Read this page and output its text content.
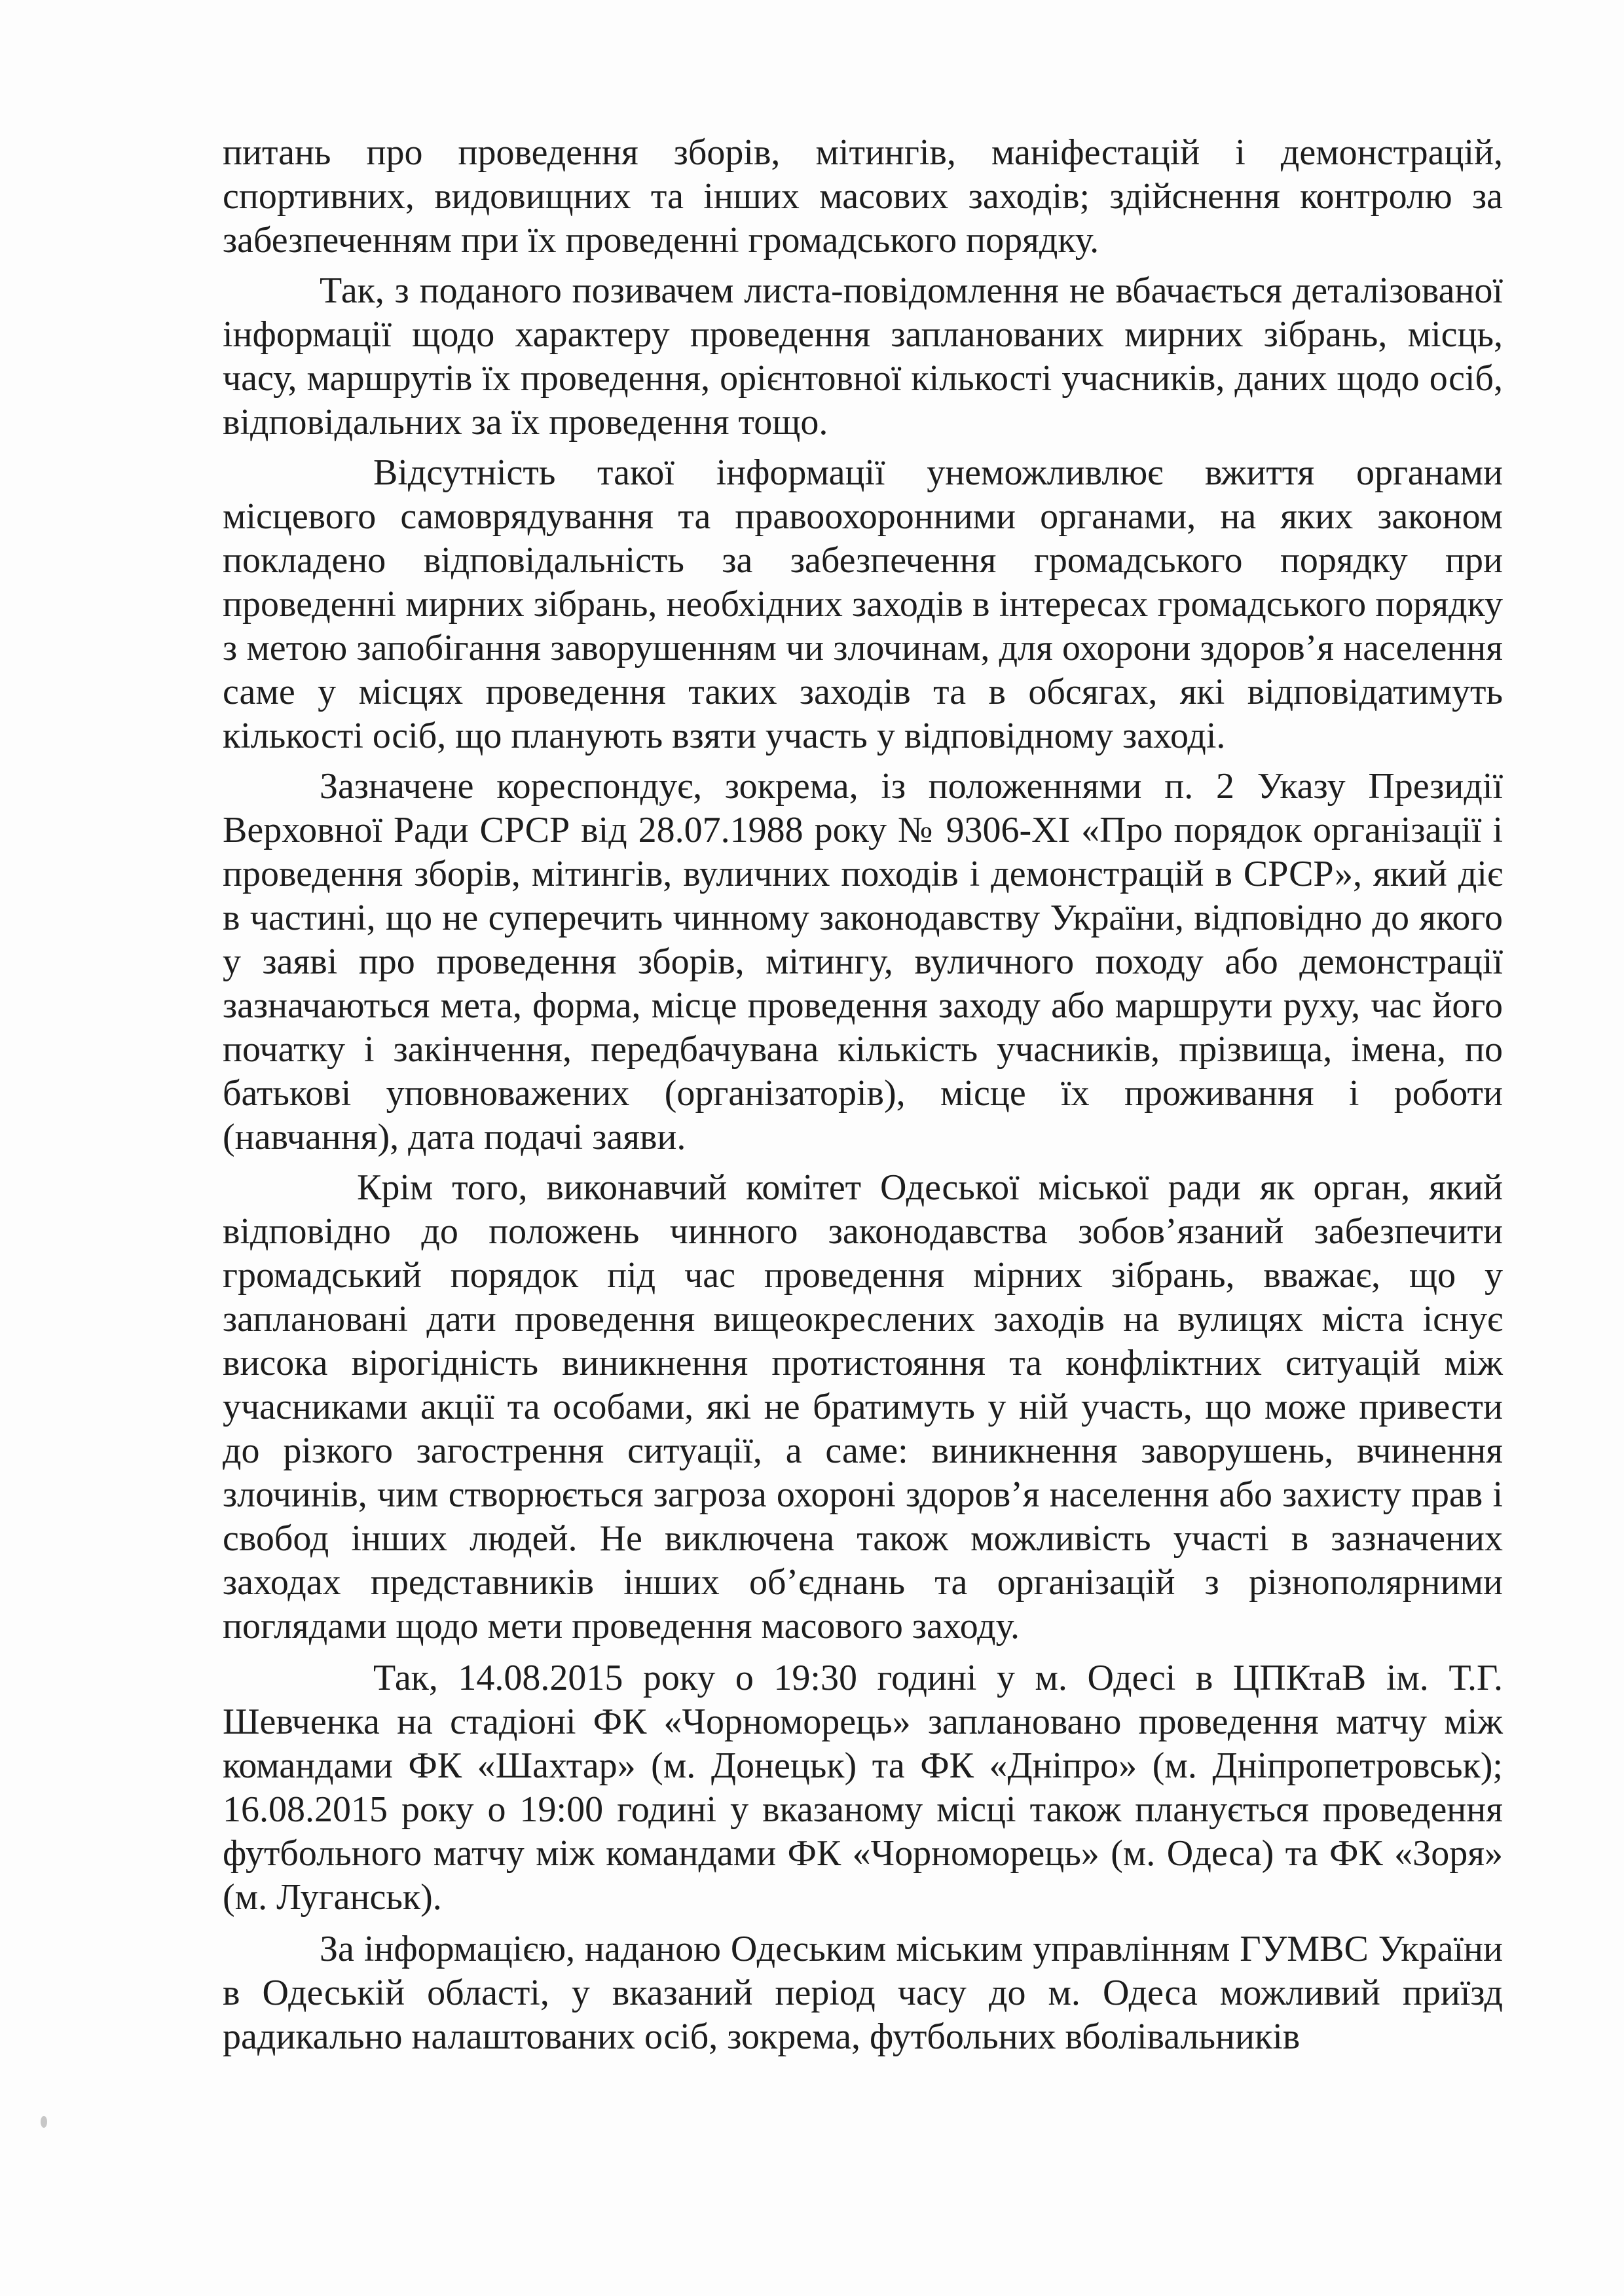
питань про проведення зборів, мітингів, маніфестацій і демонстрацій, спортивних, видовищних та інших масових заходів; здійснення контролю за забезпеченням при їх проведенні громадського порядку.

Так, з поданого позивачем листа-повідомлення не вбачається деталізованої інформації щодо характеру проведення запланованих мирних зібрань, місць, часу, маршрутів їх проведення, орієнтовної кількості учасників, даних щодо осіб, відповідальних за їх проведення тощо.

Відсутність такої інформації унеможливлює вжиття органами місцевого самоврядування та правоохоронними органами, на яких законом покладено відповідальність за забезпечення громадського порядку при проведенні мирних зібрань, необхідних заходів в інтересах громадського порядку з метою запобігання заворушенням чи злочинам, для охорони здоров’я населення саме у місцях проведення таких заходів та в обсягах, які відповідатимуть кількості осіб, що планують взяти участь у відповідному заході.

Зазначене кореспондує, зокрема, із положеннями п. 2 Указу Президії Верховної Ради СРСР від 28.07.1988 року № 9306-ХІ «Про порядок організації і проведення зборів, мітингів, вуличних походів і демонстрацій в СРСР», який діє в частині, що не суперечить чинному законодавству України, відповідно до якого у заяві про проведення зборів, мітингу, вуличного походу або демонстрації зазначаються мета, форма, місце проведення заходу або маршрути руху, час його початку і закінчення, передбачувана кількість учасників, прізвища, імена, по батькові уповноважених (організаторів), місце їх проживання і роботи (навчання), дата подачі заяви.

Крім того, виконавчий комітет Одеської міської ради як орган, який відповідно до положень чинного законодавства зобов’язаний забезпечити громадський порядок під час проведення мірних зібрань, вважає, що у заплановані дати проведення вищеокреслених заходів на вулицях міста існує висока вірогідність виникнення протистояння та конфліктних ситуацій між учасниками акції та особами, які не братимуть у ній участь, що може привести до різкого загострення ситуації, а саме: виникнення заворушень, вчинення злочинів, чим створюється загроза охороні здоров’я населення або захисту прав і свобод інших людей. Не виключена також можливість участі в зазначених заходах представників інших об’єднань та організацій з різнополярними поглядами щодо мети проведення масового заходу.

Так, 14.08.2015 року о 19:30 годині у м. Одесі в ЦПКтаВ ім. Т.Г. Шевченка на стадіоні ФК «Чорноморець» заплановано проведення матчу між командами ФК «Шахтар» (м. Донецьк) та ФК «Дніпро» (м. Дніпропетровськ); 16.08.2015 року о 19:00 годині у вказаному місці також планується проведення футбольного матчу між командами ФК «Чорноморець» (м. Одеса) та ФК «Зоря» (м. Луганськ).

За інформацією, наданою Одеським міським управлінням ГУМВС України в Одеській області, у вказаний період часу до м. Одеса можливий приїзд радикально налаштованих осіб, зокрема, футбольних вболівальників
